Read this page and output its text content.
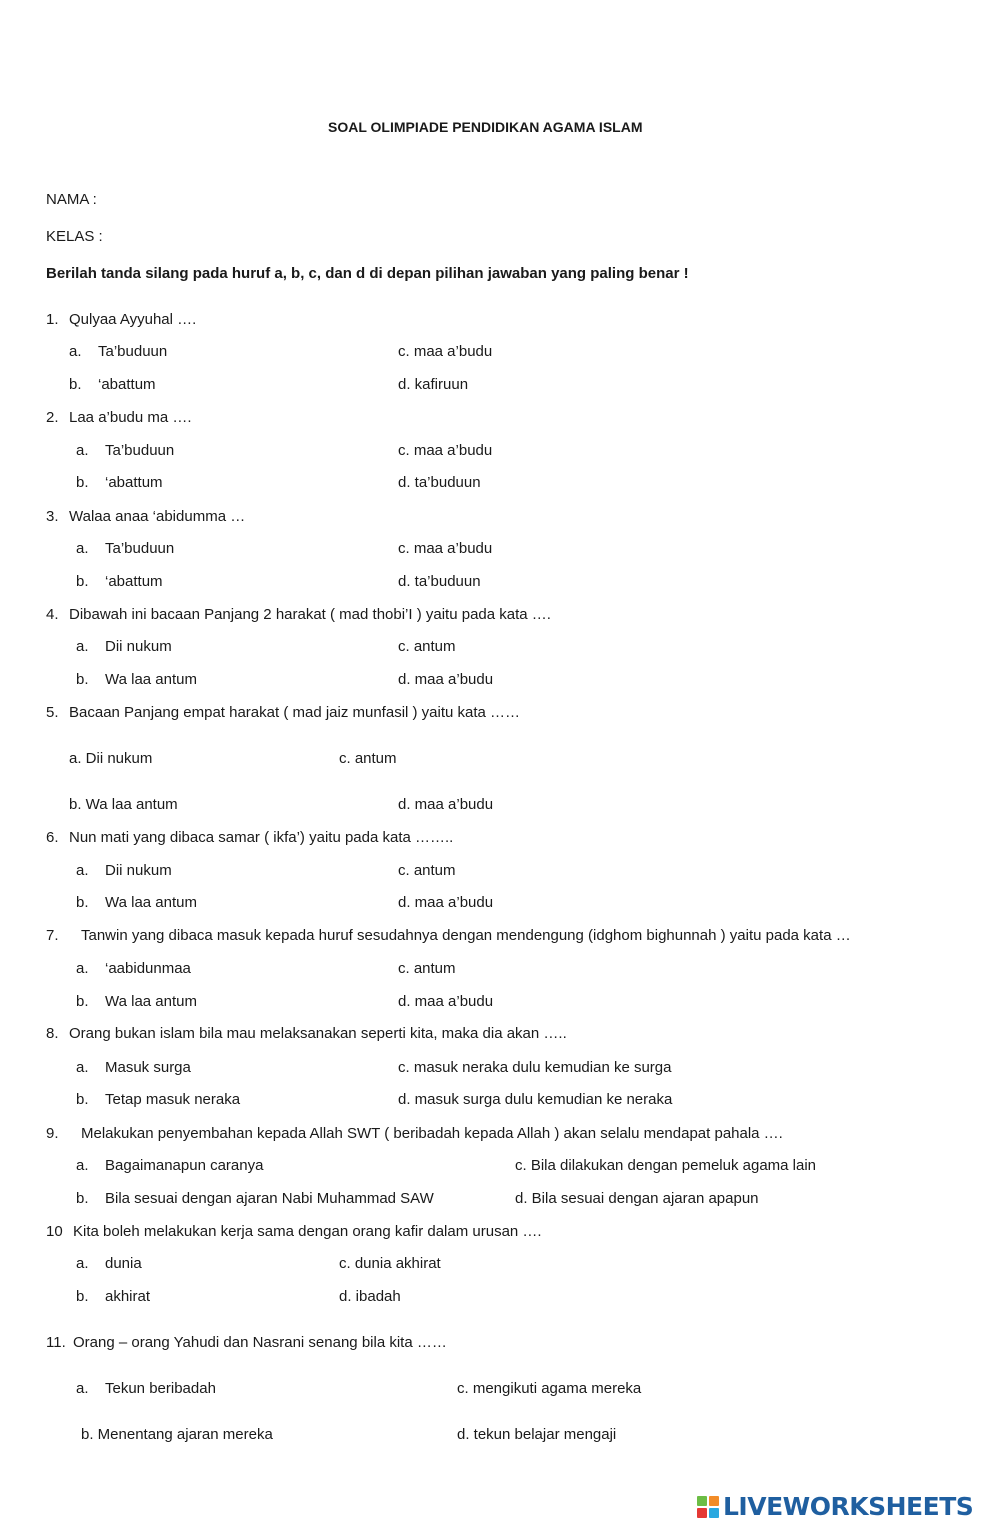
SOAL OLIMPIADE PENDIDIKAN AGAMA ISLAM
NAMA :
KELAS :
Berilah tanda silang pada huruf a, b, c, dan d di depan pilihan jawaban yang paling benar !
1. Qulyaa Ayyuhal ….
a. Ta’buduun
b. ‘abattum
c. maa a’budu
d. kafiruun
2. Laa a’budu ma ….
a. Ta’buduun
b. ‘abattum
c. maa a’budu
d. ta’buduun
3. Walaa anaa ‘abidumma …
a. Ta’buduun
b. ‘abattum
c. maa a’budu
d. ta’buduun
4. Dibawah ini bacaan Panjang 2 harakat ( mad thobi’I ) yaitu pada kata ….
a. Dii nukum
b. Wa laa antum
c. antum
d. maa a’budu
5. Bacaan Panjang empat harakat ( mad jaiz munfasil ) yaitu kata ……
a. Dii nukum
b. Wa laa antum
c. antum
d. maa a’budu
6. Nun mati yang dibaca samar ( ikfa’) yaitu pada kata ……..
a. Dii nukum
b. Wa laa antum
c. antum
d. maa a’budu
7. Tanwin yang dibaca masuk kepada huruf sesudahnya dengan mendengung (idghom bighunnah ) yaitu pada kata …
a. ‘aabidunmaa
b. Wa laa antum
c. antum
d. maa a’budu
8. Orang bukan islam bila mau melaksanakan seperti kita, maka dia akan …..
a. Masuk surga
b. Tetap masuk neraka
c. masuk neraka dulu kemudian ke surga
d. masuk surga dulu kemudian ke neraka
9. Melakukan penyembahan kepada Allah SWT ( beribadah kepada Allah ) akan selalu mendapat pahala ….
a. Bagaimanapun caranya
b. Bila sesuai dengan ajaran Nabi Muhammad SAW
c. Bila dilakukan dengan pemeluk agama lain
d. Bila sesuai dengan ajaran apapun
10 Kita boleh melakukan kerja sama dengan orang kafir dalam urusan ….
a. dunia
b. akhirat
c. dunia akhirat
d. ibadah
11. Orang – orang Yahudi dan Nasrani senang bila kita ……
a. Tekun beribadah
b. Menentang ajaran mereka
c. mengikuti agama mereka
d. tekun belajar mengaji
LIVEWORKSHEETS
